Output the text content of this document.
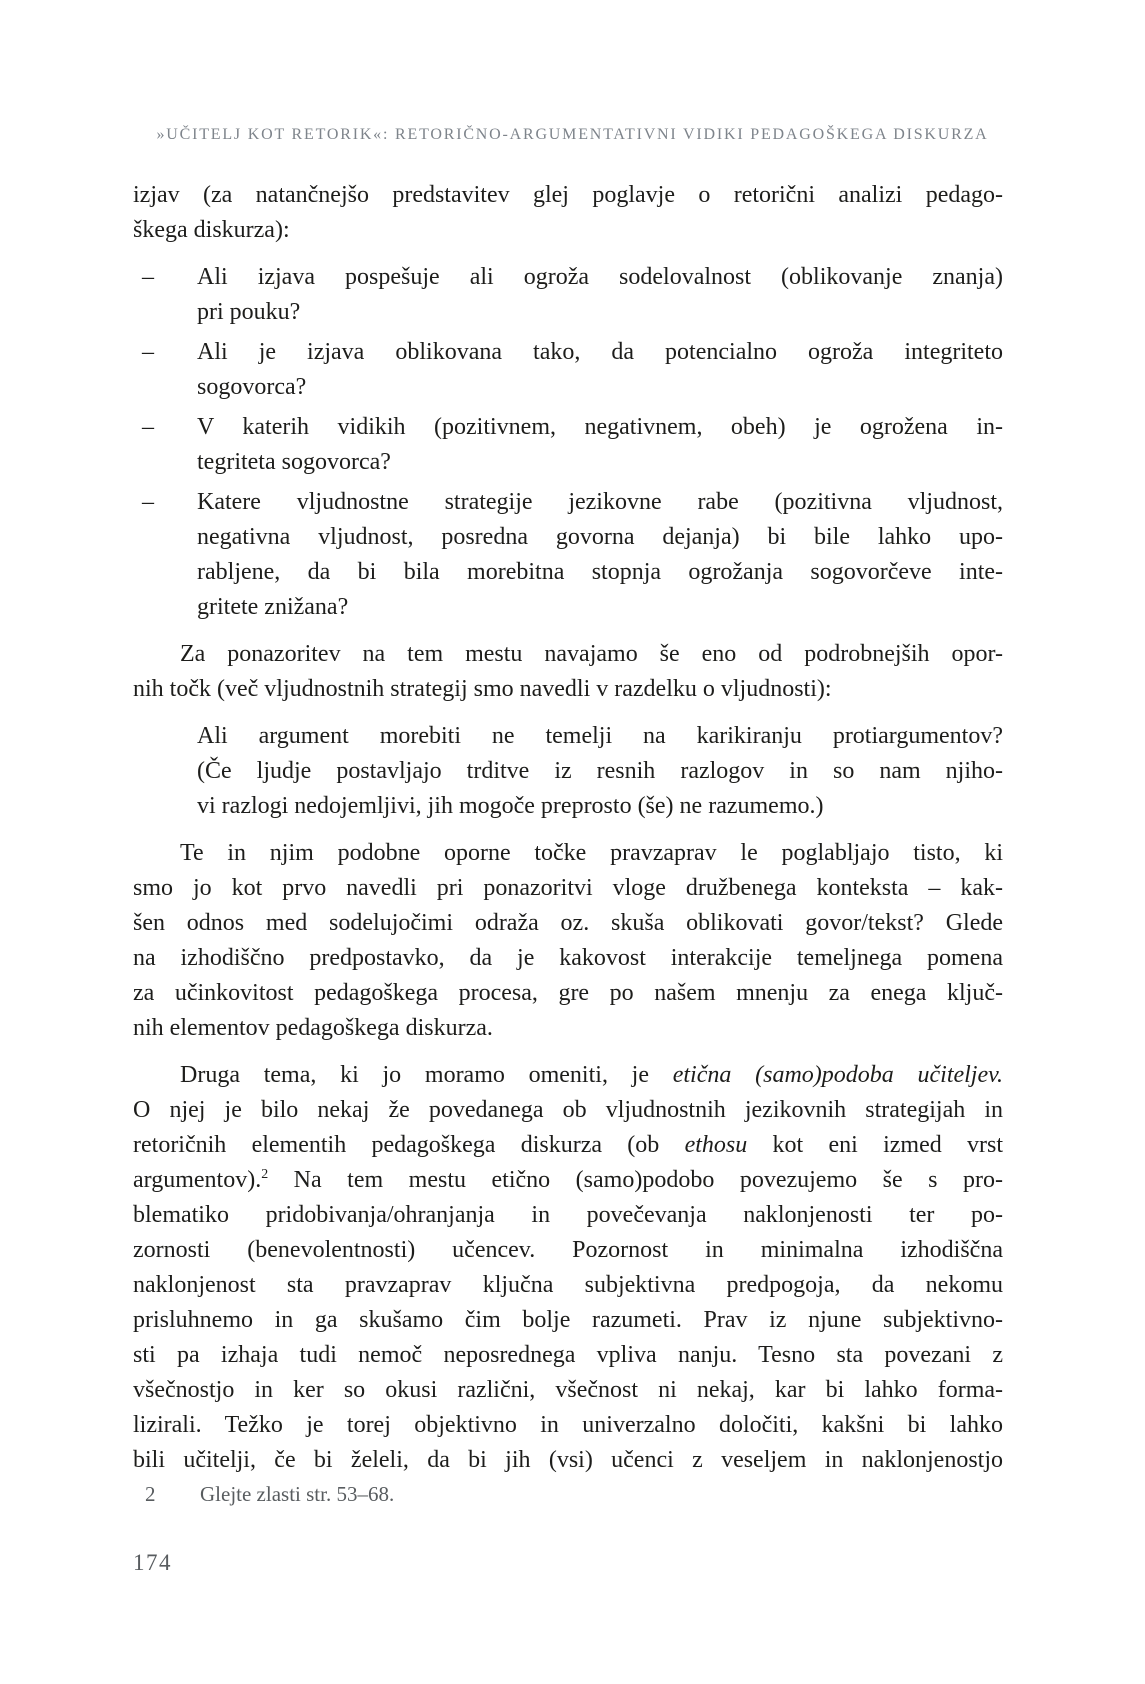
»UČITELJ KOT RETORIK«: RETORIČNO-ARGUMENTATIVNI VIDIKI PEDAGOŠKEGA DISKURZA
izjav (za natančnejšo predstavitev glej poglavje o retorični analizi pedago-
škega diskurza):
–	Ali izjava pospešuje ali ogroža sodelovalnost (oblikovanje znanja)
pri pouku?
–	Ali je izjava oblikovana tako, da potencialno ogroža integriteto
sogovorca?
–	V katerih vidikih (pozitivnem, negativnem, obeh) je ogrožena in-
tegriteta sogovorca?
–	Katere vljudnostne strategije jezikovne rabe (pozitivna vljudnost,
negativna vljudnost, posredna govorna dejanja) bi bile lahko upo-
rabljene, da bi bila morebitna stopnja ogrožanja sogovorčeve inte-
gritete znižana?
Za ponazoritev na tem mestu navajamo še eno od podrobnejših opor-
nih točk (več vljudnostnih strategij smo navedli v razdelku o vljudnosti):
Ali argument morebiti ne temelji na karikiranju protiargumentov?
(Če ljudje postavljajo trditve iz resnih razlogov in so nam njiho-
vi razlogi nedojemljivi, jih mogoče preprosto (še) ne razumemo.)
Te in njim podobne oporne točke pravzaprav le poglabljajo tisto, ki
smo jo kot prvo navedli pri ponazoritvi vloge družbenega konteksta – kak-
šen odnos med sodelujočimi odraža oz. skuša oblikovati govor/tekst? Glede
na izhodiščno predpostavko, da je kakovost interakcije temeljnega pomena
za učinkovitost pedagoškega procesa, gre po našem mnenju za enega ključ-
nih elementov pedagoškega diskurza.
Druga tema, ki jo moramo omeniti, je etična (samo)podoba učiteljev.
O njej je bilo nekaj že povedanega ob vljudnostnih jezikovnih strategijah in
retoričnih elementih pedagoškega diskurza (ob ethosu kot eni izmed vrst
argumentov).$^2$ Na tem mestu etično (samo)podobo povezujemo še s pro-
blematiko pridobivanja/ohranjanja in povečevanja naklonjenosti ter po-
zornosti (benevolentnosti) učencev. Pozornost in minimalna izhodiščna
naklonjenost sta pravzaprav ključna subjektivna predpogoja, da nekomu
prisluhnemo in ga skušamo čim bolje razumeti. Prav iz njune subjektivno-
sti pa izhaja tudi nemoč neposrednega vpliva nanju. Tesno sta povezani z
všečnostjo in ker so okusi različni, všečnost ni nekaj, kar bi lahko forma-
lizirali. Težko je torej objektivno in univerzalno določiti, kakšni bi lahko
bili učitelji, če bi želeli, da bi jih (vsi) učenci z veseljem in naklonjenostjo
2	Glejte zlasti str. 53–68.
174
